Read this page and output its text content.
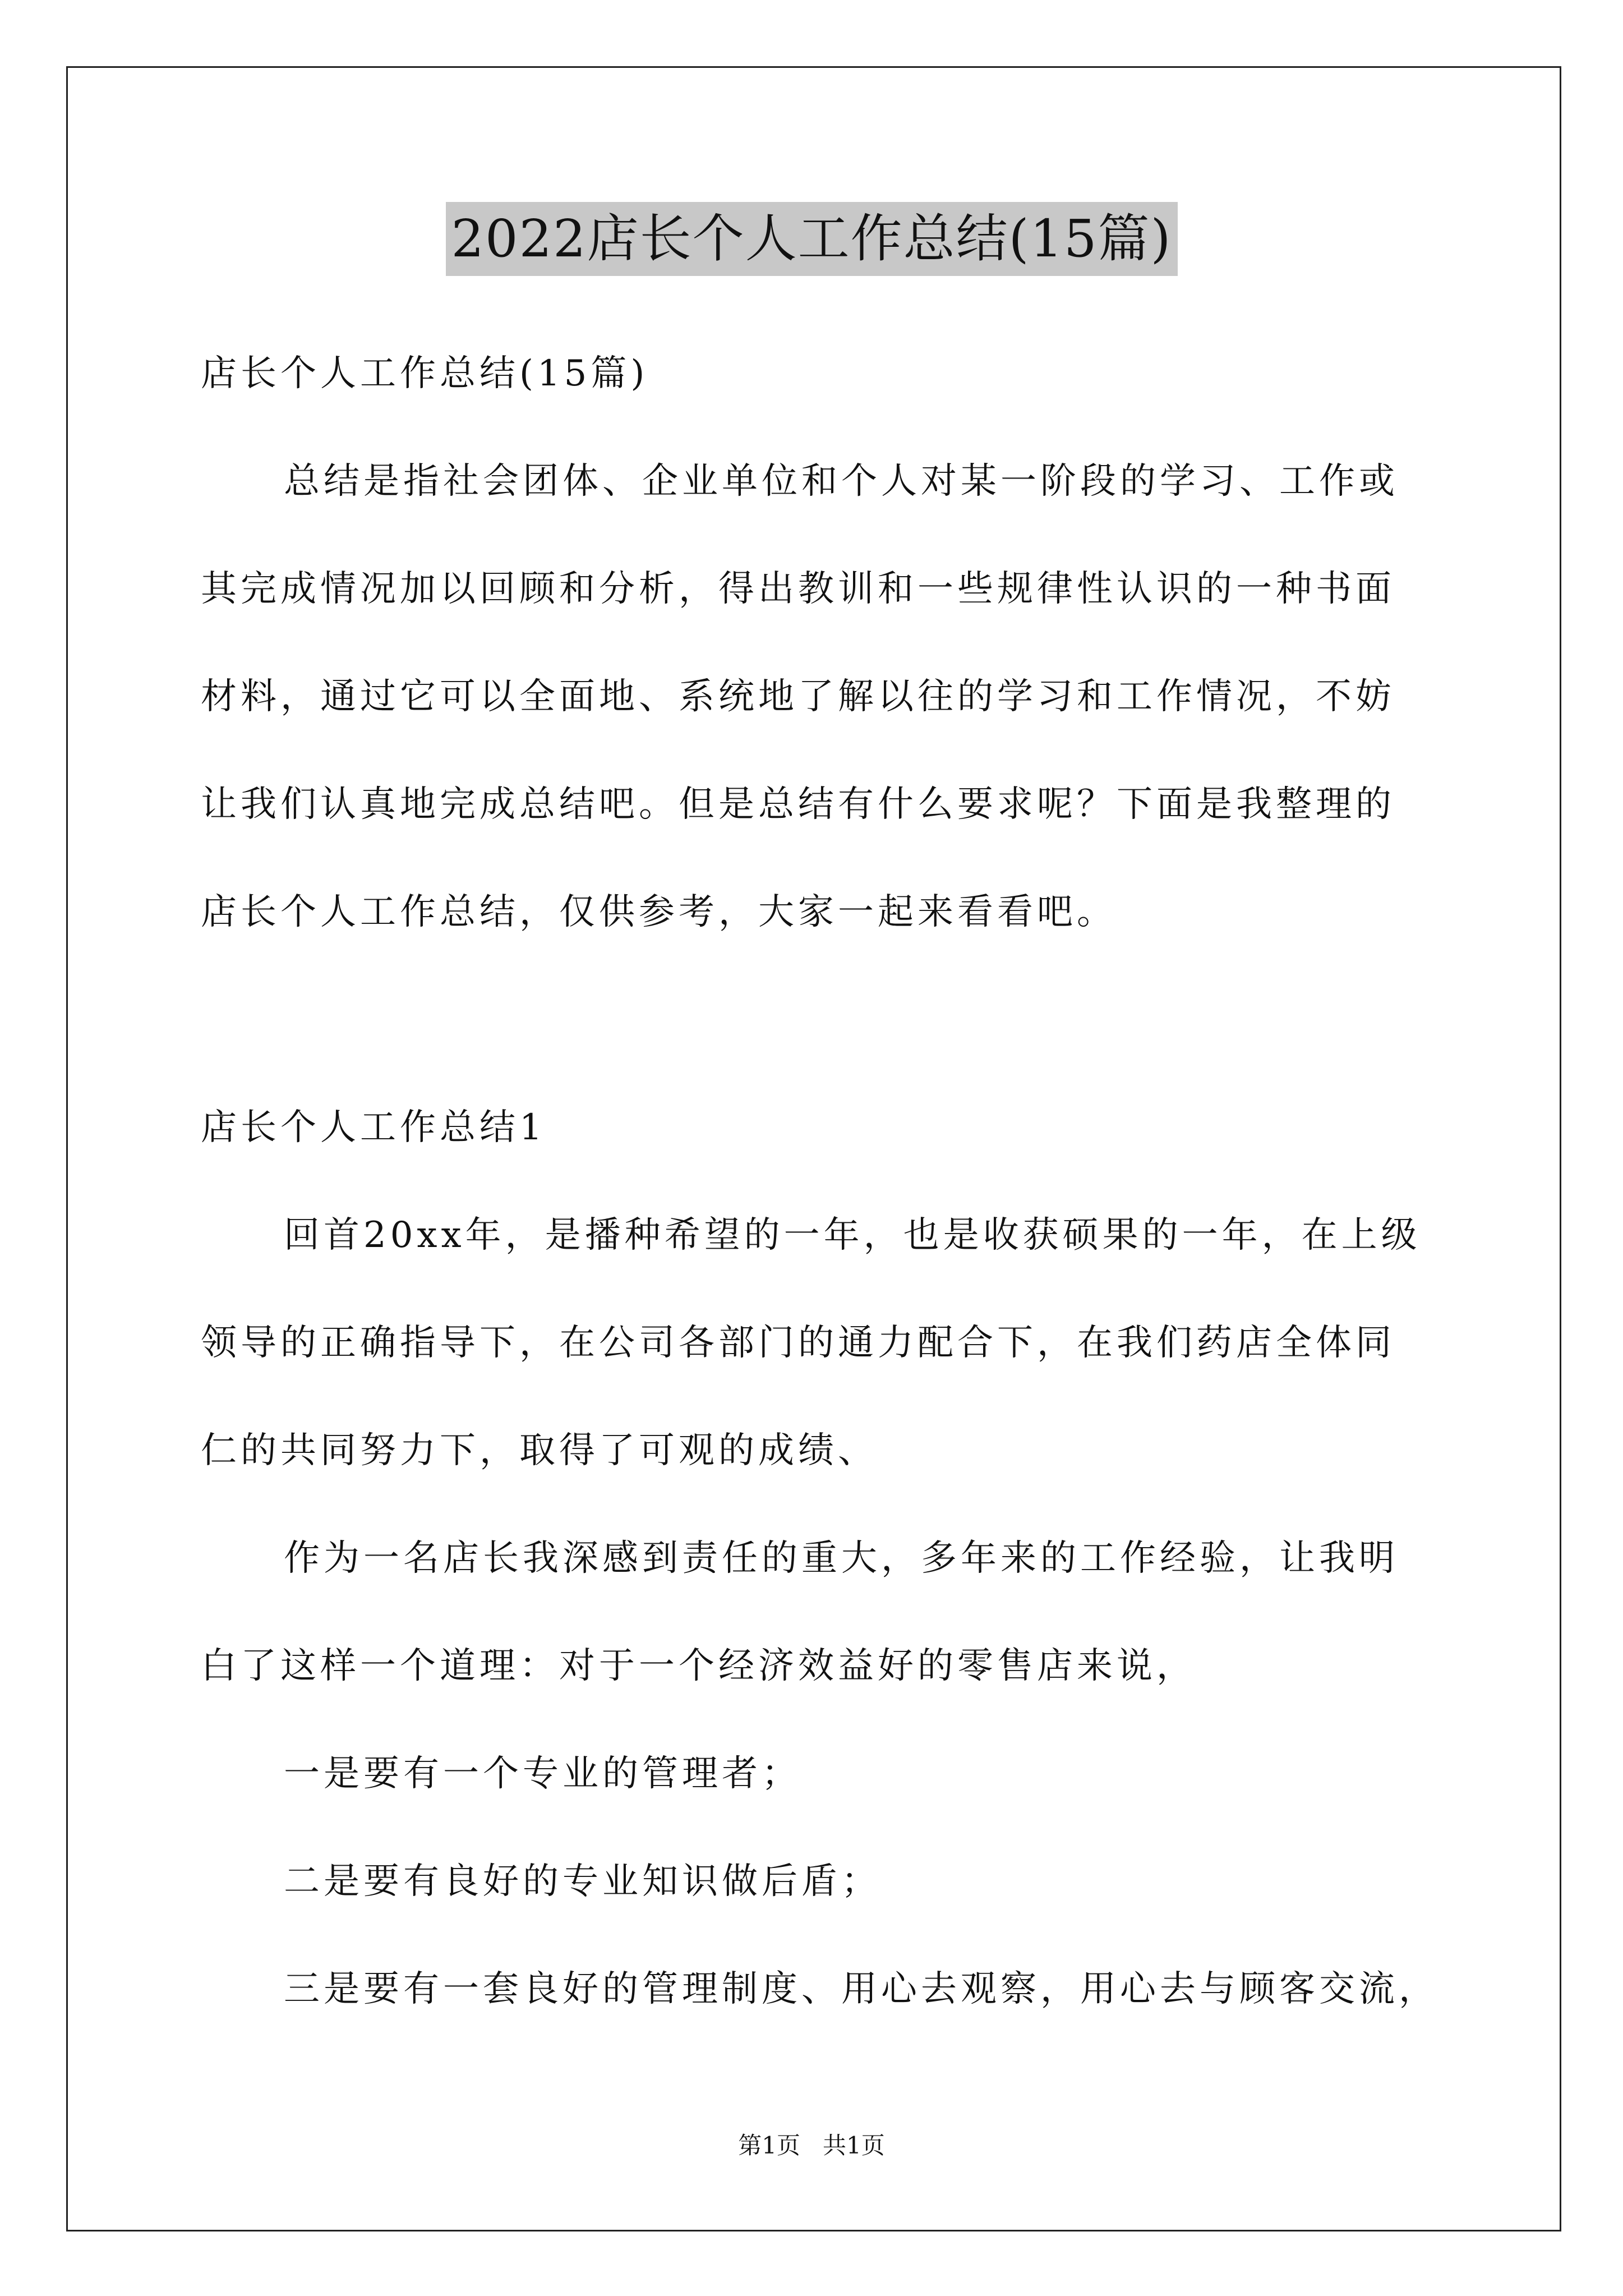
2022店长个人工作总结(15篇)
店长个人工作总结(15篇)
总结是指社会团体、企业单位和个人对某一阶段的学习、工作或
其完成情况加以回顾和分析，得出教训和一些规律性认识的一种书面
材料，通过它可以全面地、系统地了解以往的学习和工作情况，不妨
让我们认真地完成总结吧。但是总结有什么要求呢？下面是我整理的
店长个人工作总结，仅供参考，大家一起来看看吧。
店长个人工作总结1
回首20xx年，是播种希望的一年，也是收获硕果的一年，在上级
领导的正确指导下，在公司各部门的通力配合下，在我们药店全体同
仁的共同努力下，取得了可观的成绩、
作为一名店长我深感到责任的重大，多年来的工作经验，让我明
白了这样一个道理：对于一个经济效益好的零售店来说，
一是要有一个专业的管理者；
二是要有良好的专业知识做后盾；
三是要有一套良好的管理制度、用心去观察，用心去与顾客交流，
第1页   共1页
